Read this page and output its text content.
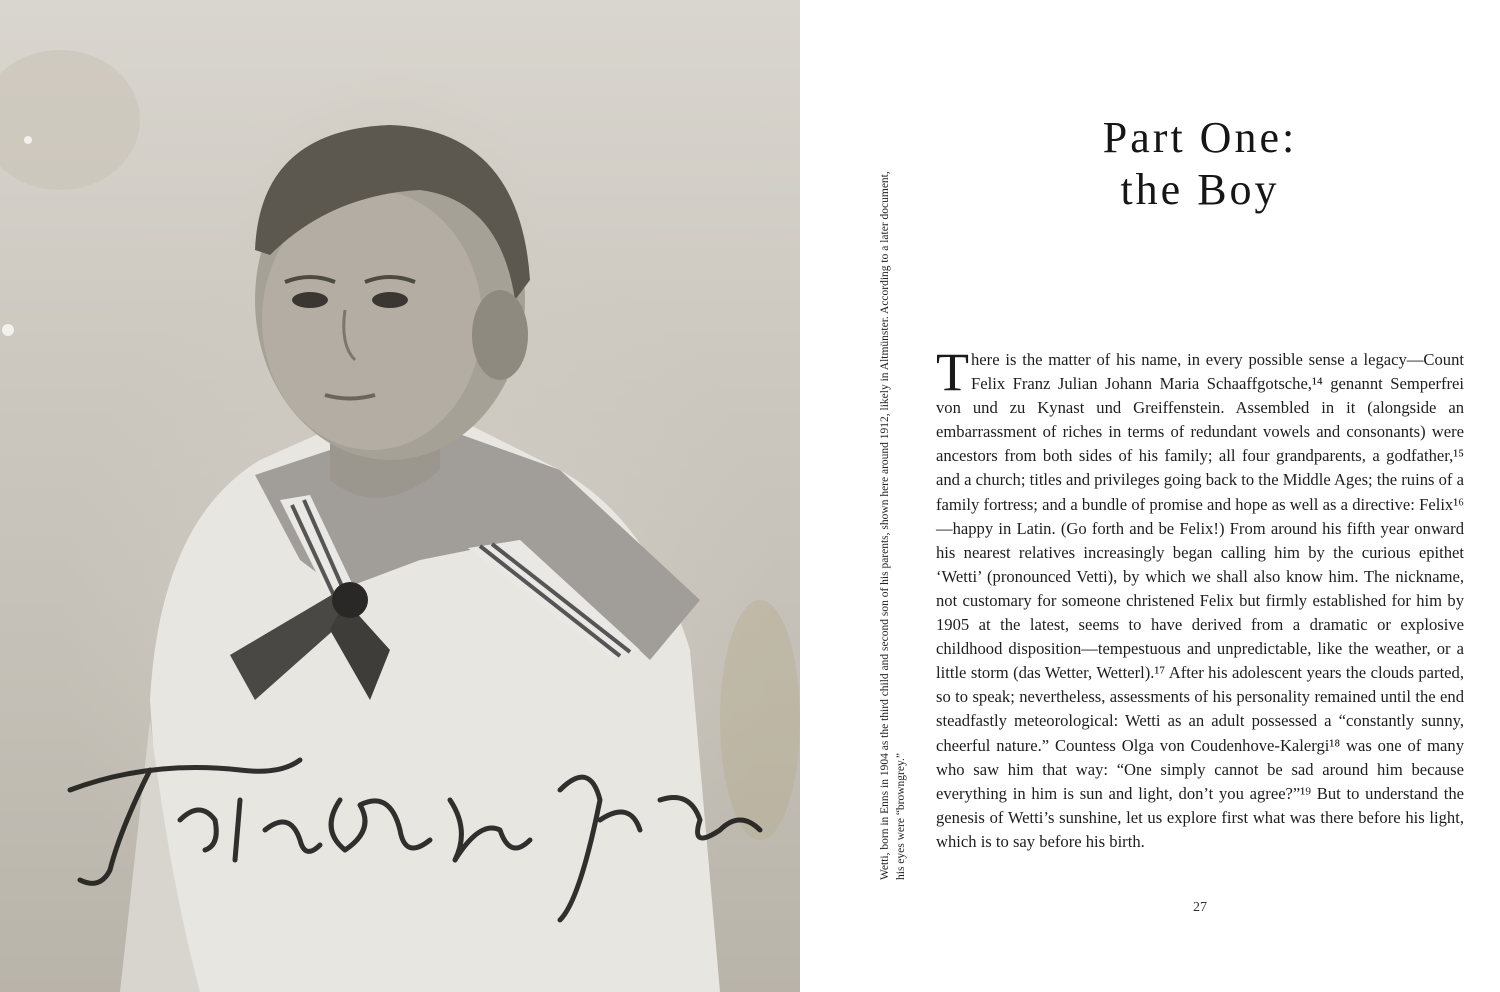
Wetti, born in Enns in 1904 as the third child and second son of his parents, shown here around 1912, likely in Altmünster. According to a later document, his eyes were “browngrey.”

Part One:
the Boy
T here is the matter of his name, in every possible sense a legacy—Count Felix Franz Julian Johann Maria Schaaffgotsche,¹⁴ genannt Semperfrei von und zu Kynast und Greiffenstein. Assembled in it (alongside an embarrassment of riches in terms of redundant vowels and consonants) were ancestors from both sides of his family; all four grandparents, a godfather,¹⁵ and a church; titles and privileges going back to the Middle Ages; the ruins of a family fortress; and a bundle of promise and hope as well as a directive: Felix¹⁶—happy in Latin. (Go forth and be Felix!) From around his fifth year onward his nearest relatives increasingly began calling him by the curious epithet ‘Wetti’ (pronounced Vetti), by which we shall also know him. The nickname, not customary for someone christened Felix but firmly established for him by 1905 at the latest, seems to have derived from a dramatic or explosive childhood disposition—tempestuous and unpredictable, like the weather, or a little storm (das Wetter, Wetterl).¹⁷ After his adolescent years the clouds parted, so to speak; nevertheless, assessments of his personality remained until the end steadfastly meteorological: Wetti as an adult possessed a “constantly sunny, cheerful nature.” Countess Olga von Coudenhove-Kalergi¹⁸ was one of many who saw him that way: “One simply cannot be sad around him because everything in him is sun and light, don’t you agree?”¹⁹ But to understand the genesis of Wetti’s sunshine, let us explore first what was there before his light, which is to say before his birth.

27
